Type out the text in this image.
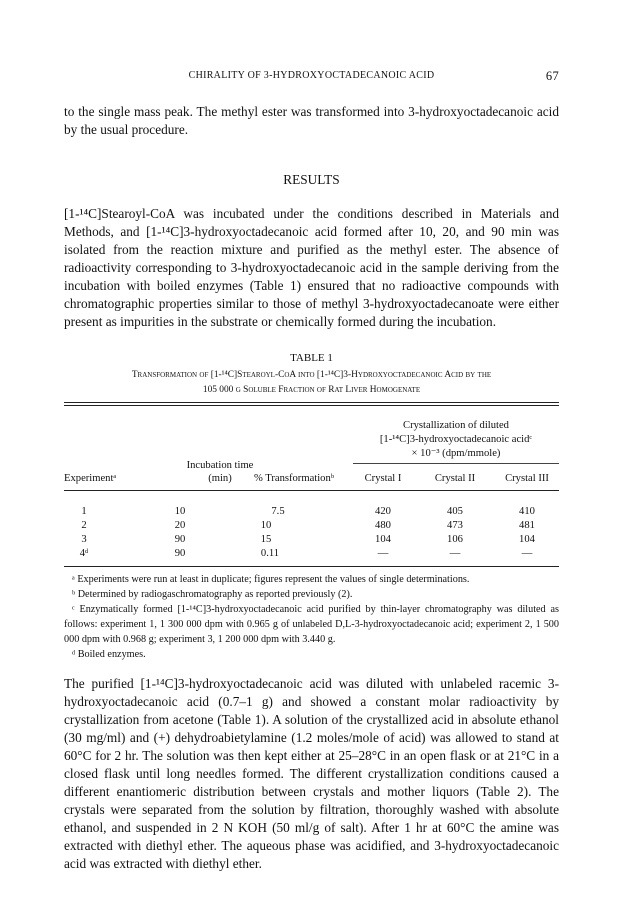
CHIRALITY OF 3-HYDROXYOCTADECANOIC ACID	67
to the single mass peak. The methyl ester was transformed into 3-hydroxyoctadecanoic acid by the usual procedure.
RESULTS
[1-¹⁴C]Stearoyl-CoA was incubated under the conditions described in Materials and Methods, and [1-¹⁴C]3-hydroxyoctadecanoic acid formed after 10, 20, and 90 min was isolated from the reaction mixture and purified as the methyl ester. The absence of radioactivity corresponding to 3-hydroxyoctadecanoic acid in the sample deriving from the incubation with boiled enzymes (Table 1) ensured that no radioactive compounds with chromatographic properties similar to those of methyl 3-hydroxyoctadecanoate were either present as impurities in the substrate or chemically formed during the incubation.
TABLE 1
Transformation of [1-¹⁴C]Stearoyl-CoA into [1-¹⁴C]3-Hydroxyoctadecanoic Acid by the
105 000 g Soluble Fraction of Rat Liver Homogenate
Crystallization of diluted
[1-¹⁴C]3-hydroxyoctadecanoic acidᶜ
× 10⁻³ (dpm/mmole)
Incubation time
Experimentᵃ	(min)	% Transformationᵇ	Crystal I	Crystal II	Crystal III
1	10	7.5	420	405	410
2	20	10	480	473	481
3	90	15	104	106	104
4ᵈ	90	0.11	—	—	—
ᵃ Experiments were run at least in duplicate; figures represent the values of single determinations.
ᵇ Determined by radiogaschromatography as reported previously (2).
ᶜ Enzymatically formed [1-¹⁴C]3-hydroxyoctadecanoic acid purified by thin-layer chromatography was diluted as follows: experiment 1, 1 300 000 dpm with 0.965 g of unlabeled D,L-3-hydroxyoctadecanoic acid; experiment 2, 1 500 000 dpm with 0.968 g; experiment 3, 1 200 000 dpm with 3.440 g.
ᵈ Boiled enzymes.
The purified [1-¹⁴C]3-hydroxyoctadecanoic acid was diluted with unlabeled racemic 3-hydroxyoctadecanoic acid (0.7–1 g) and showed a constant molar radioactivity by crystallization from acetone (Table 1). A solution of the crystallized acid in absolute ethanol (30 mg/ml) and (+) dehydroabietylamine (1.2 moles/mole of acid) was allowed to stand at 60°C for 2 hr. The solution was then kept either at 25–28°C in an open flask or at 21°C in a closed flask until long needles formed. The different crystallization conditions caused a different enantiomeric distribution between crystals and mother liquors (Table 2). The crystals were separated from the solution by filtration, thoroughly washed with absolute ethanol, and suspended in 2 N KOH (50 ml/g of salt). After 1 hr at 60°C the amine was extracted with diethyl ether. The aqueous phase was acidified, and 3-hydroxyoctadecanoic acid was extracted with diethyl ether.
